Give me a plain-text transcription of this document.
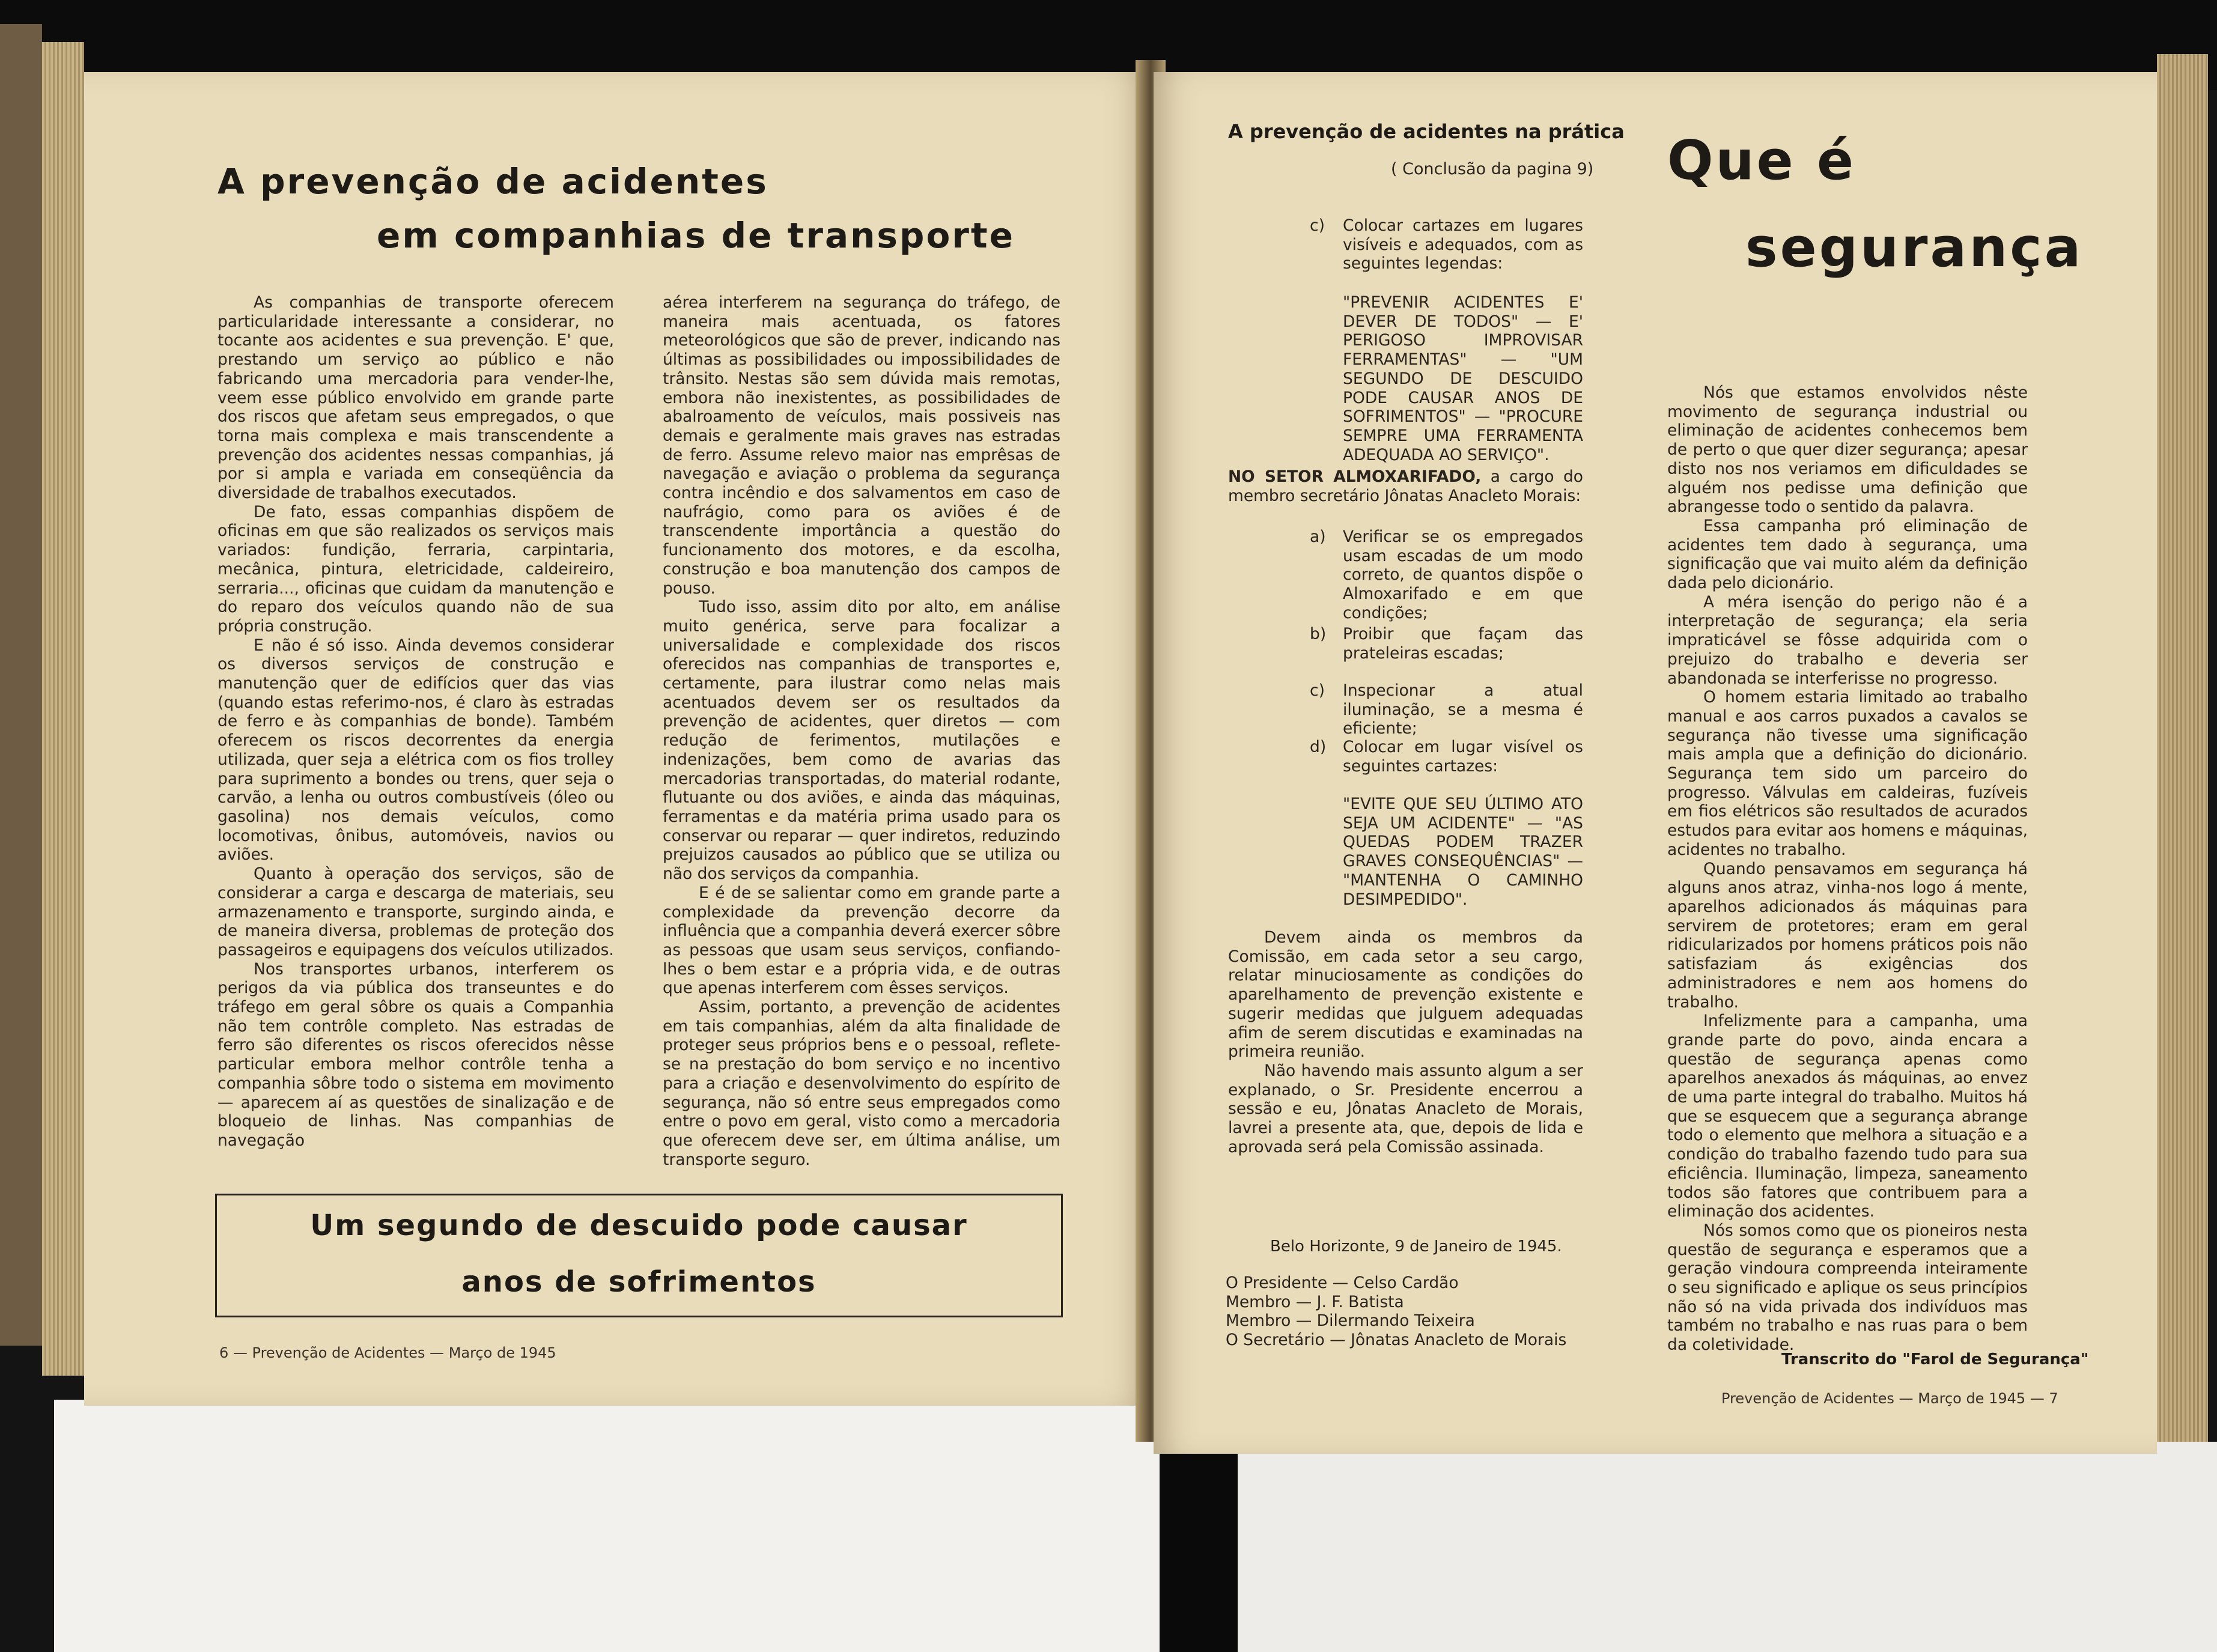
A prevenção de acidentes
em companhias de transporte

As companhias de transporte oferecem particularidade interessante a considerar, no tocante aos acidentes e sua prevenção. E' que, prestando um serviço ao público e não fabricando uma mercadoria para vender-lhe, veem esse público envolvido em grande parte dos riscos que afetam seus empregados, o que torna mais complexa e mais transcendente a prevenção dos acidentes nessas companhias, já por si ampla e variada em conseqüência da diversidade de trabalhos executados.

De fato, essas companhias dispõem de oficinas em que são realizados os serviços mais variados: fundição, ferraria, carpintaria, mecânica, pintura, eletricidade, caldeireiro, serraria..., oficinas que cuidam da manutenção e do reparo dos veículos quando não de sua própria construção.

E não é só isso. Ainda devemos considerar os diversos serviços de construção e manutenção quer de edifícios quer das vias (quando estas referimo-nos, é claro às estradas de ferro e às companhias de bonde). Também oferecem os riscos decorrentes da energia utilizada, quer seja a elétrica com os fios trolley para suprimento a bondes ou trens, quer seja o carvão, a lenha ou outros combustíveis (óleo ou gasolina) nos demais veículos, como locomotivas, ônibus, automóveis, navios ou aviões.

Quanto à operação dos serviços, são de considerar a carga e descarga de materiais, seu armazenamento e transporte, surgindo ainda, e de maneira diversa, problemas de proteção dos passageiros e equipagens dos veículos utilizados.

Nos transportes urbanos, interferem os perigos da via pública dos transeuntes e do tráfego em geral sôbre os quais a Companhia não tem contrôle completo. Nas estradas de ferro são diferentes os riscos oferecidos nêsse particular embora melhor contrôle tenha a companhia sôbre todo o sistema em movimento — aparecem aí as questões de sinalização e de bloqueio de linhas. Nas companhias de navegação

aérea interferem na segurança do tráfego, de maneira mais acentuada, os fatores meteorológicos que são de prever, indicando nas últimas as possibilidades ou impossibilidades de trânsito. Nestas são sem dúvida mais remotas, embora não inexistentes, as possibilidades de abalroamento de veículos, mais possiveis nas demais e geralmente mais graves nas estradas de ferro. Assume relevo maior nas emprêsas de navegação e aviação o problema da segurança contra incêndio e dos salvamentos em caso de naufrágio, como para os aviões é de transcendente importância a questão do funcionamento dos motores, e da escolha, construção e boa manutenção dos campos de pouso.

Tudo isso, assim dito por alto, em análise muito genérica, serve para focalizar a universalidade e complexidade dos riscos oferecidos nas companhias de transportes e, certamente, para ilustrar como nelas mais acentuados devem ser os resultados da prevenção de acidentes, quer diretos — com redução de ferimentos, mutilações e indenizações, bem como de avarias das mercadorias transportadas, do material rodante, flutuante ou dos aviões, e ainda das máquinas, ferramentas e da matéria prima usado para os conservar ou reparar — quer indiretos, reduzindo prejuizos causados ao público que se utiliza ou não dos serviços da companhia.

E é de se salientar como em grande parte a complexidade da prevenção decorre da influência que a companhia deverá exercer sôbre as pessoas que usam seus serviços, confiando-lhes o bem estar e a própria vida, e de outras que apenas interferem com êsses serviços.

Assim, portanto, a prevenção de acidentes em tais companhias, além da alta finalidade de proteger seus próprios bens e o pessoal, reflete-se na prestação do bom serviço e no incentivo para a criação e desenvolvimento do espírito de segurança, não só entre seus empregados como entre o povo em geral, visto como a mercadoria que oferecem deve ser, em última análise, um transporte seguro.

Um segundo de descuido pode causar
anos de sofrimentos
6 — Prevenção de Acidentes — Março de 1945
A prevenção de acidentes na prática
( Conclusão da pagina 9)
c) Colocar cartazes em lugares visíveis e adequados, com as seguintes legendas:

"PREVENIR ACIDENTES E' DEVER DE TODOS" — E' PERIGOSO IMPROVISAR FERRAMENTAS" — "UM SEGUNDO DE DESCUIDO PODE CAUSAR ANOS DE SOFRIMENTOS" — "PROCURE SEMPRE UMA FERRAMENTA ADEQUADA AO SERVIÇO".

NO SETOR ALMOXARIFADO, a cargo do membro secretário Jônatas Anacleto Morais:

a) Verificar se os empregados usam escadas de um modo correto, de quantos dispõe o Almoxarifado e em que condições;
b) Proibir que façam das prateleiras escadas;
c) Inspecionar a atual iluminação, se a mesma é eficiente;
d) Colocar em lugar visível os seguintes cartazes:

"EVITE QUE SEU ÚLTIMO ATO SEJA UM ACIDENTE" — "AS QUEDAS PODEM TRAZER GRAVES CONSEQUÊNCIAS" — "MANTENHA O CAMINHO DESIMPEDIDO".

Devem ainda os membros da Comissão, em cada setor a seu cargo, relatar minuciosamente as condições do aparelhamento de prevenção existente e sugerir medidas que julguem adequadas afim de serem discutidas e examinadas na primeira reunião.

Não havendo mais assunto algum a ser explanado, o Sr. Presidente encerrou a sessão e eu, Jônatas Anacleto de Morais, lavrei a presente ata, que, depois de lida e aprovada será pela Comissão assinada.

Belo Horizonte, 9 de Janeiro de 1945.
O Presidente — Celso Cardão
Membro — J. F. Batista
Membro — Dilermando Teixeira
O Secretário — Jônatas Anacleto de Morais
Que é
segurança

Nós que estamos envolvidos nêste movimento de segurança industrial ou eliminação de acidentes conhecemos bem de perto o que quer dizer segurança; apesar disto nos nos veriamos em dificuldades se alguém nos pedisse uma definição que abrangesse todo o sentido da palavra.

Essa campanha pró eliminação de acidentes tem dado à segurança, uma significação que vai muito além da definição dada pelo dicionário.

A méra isenção do perigo não é a interpretação de segurança; ela seria impraticável se fôsse adquirida com o prejuizo do trabalho e deveria ser abandonada se interferisse no progresso.

O homem estaria limitado ao trabalho manual e aos carros puxados a cavalos se segurança não tivesse uma significação mais ampla que a definição do dicionário. Segurança tem sido um parceiro do progresso. Válvulas em caldeiras, fuzíveis em fios elétricos são resultados de acurados estudos para evitar aos homens e máquinas, acidentes no trabalho.

Quando pensavamos em segurança há alguns anos atraz, vinha-nos logo á mente, aparelhos adicionados ás máquinas para servirem de protetores; eram em geral ridicularizados por homens práticos pois não satisfaziam ás exigências dos administradores e nem aos homens do trabalho.

Infelizmente para a campanha, uma grande parte do povo, ainda encara a questão de segurança apenas como aparelhos anexados ás máquinas, ao envez de uma parte integral do trabalho. Muitos há que se esquecem que a segurança abrange todo o elemento que melhora a situação e a condição do trabalho fazendo tudo para sua eficiência. Iluminação, limpeza, saneamento todos são fatores que contribuem para a eliminação dos acidentes.

Nós somos como que os pioneiros nesta questão de segurança e esperamos que a geração vindoura compreenda inteiramente o seu significado e aplique os seus princípios não só na vida privada dos indivíduos mas também no trabalho e nas ruas para o bem da coletividade.

Transcrito do "Farol de Segurança"
Prevenção de Acidentes — Março de 1945 — 7
